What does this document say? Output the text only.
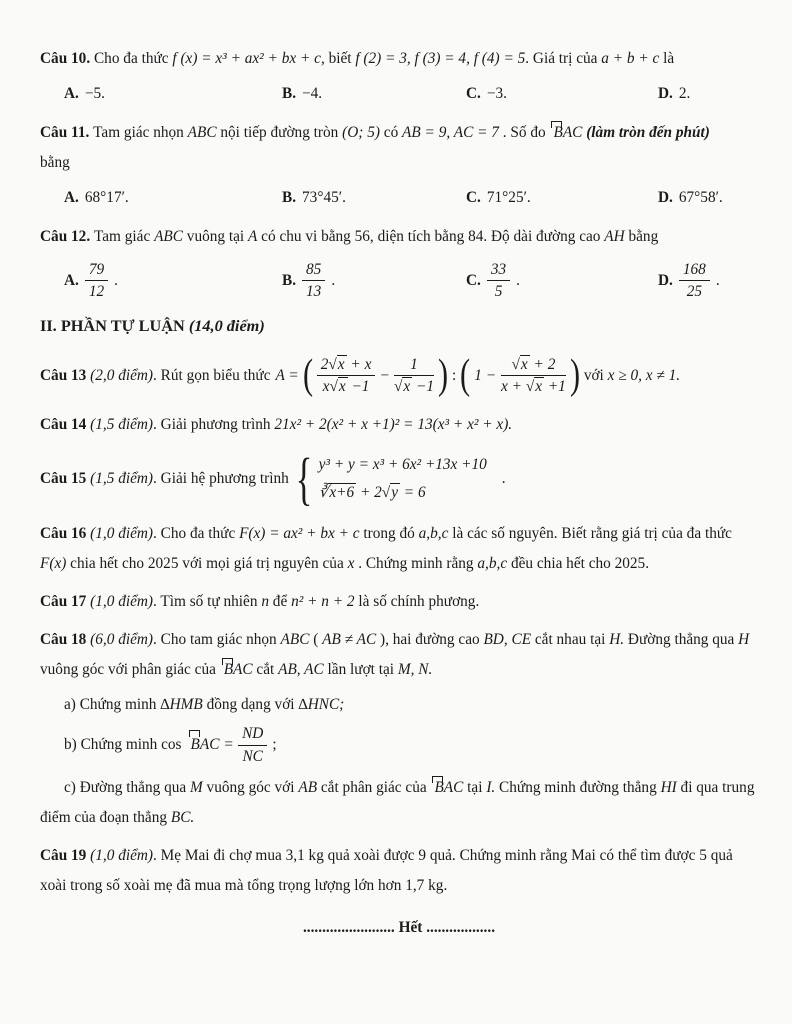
Câu 10. Cho đa thức f (x) = x³ + ax² + bx + c, biết f (2) = 3, f (3) = 4, f (4) = 5. Giá trị của a + b + c là

A. −5.	B. −4.	C. −3.	D. 2.

Câu 11. Tam giác nhọn ABC nội tiếp đường tròn (O; 5) có AB = 9, AC = 7 . Số đo BAC (làm tròn đến phút)

bằng

A. 68°17′.	B. 73°45′.	C. 71°25′.	D. 67°58′.

Câu 12. Tam giác ABC vuông tại A có chu vi bằng 56, diện tích bằng 84. Độ dài đường cao AH bằng

A. $\frac{79}{12}$ .	B. $\frac{85}{13}$ .	C. $\frac{33}{5}$ .	D. $\frac{168}{25}$ .
II. PHẦN TỰ LUẬN (14,0 điểm)
Câu 13 (2,0 điểm). Rút gọn biểu thức A = ( $\frac{2√x + x}{x√x -1} - \frac{1}{√x -1}$ ) : ( $1 - \frac{√x + 2}{x + √x +1}$ ) với x ≥ 0, x ≠ 1.

Câu 14 (1,5 điểm). Giải phương trình 21x² + 2(x² + x +1)² = 13(x³ + x² + x).

Câu 15 (1,5 điểm). Giải hệ phương trình { y³ + y = x³ + 6x² +13x +10
∛x+6 + 2√y = 6
.

Câu 16 (1,0 điểm). Cho đa thức F(x) = ax² + bx + c trong đó a,b,c là các số nguyên. Biết rằng giá trị của đa thức F(x) chia hết cho 2025 với mọi giá trị nguyên của x . Chứng minh rằng a,b,c đều chia hết cho 2025.

Câu 17 (1,0 điểm). Tìm số tự nhiên n để n² + n + 2 là số chính phương.

Câu 18 (6,0 điểm). Cho tam giác nhọn ABC ( AB ≠ AC ), hai đường cao BD, CE cắt nhau tại H. Đường thẳng qua H vuông góc với phân giác của BAC cắt AB, AC lần lượt tại M, N.

a) Chứng minh ∆HMB đồng dạng với ∆HNC;

b) Chứng minh cos BAC = $\frac{ND}{NC}$ ;

c) Đường thẳng qua M vuông góc với AB cắt phân giác của BAC tại I. Chứng minh đường thẳng HI đi qua trung điểm của đoạn thẳng BC.

Câu 19 (1,0 điểm). Mẹ Mai đi chợ mua 3,1 kg quả xoài được 9 quả. Chứng minh rằng Mai có thể tìm được 5 quả xoài trong số xoài mẹ đã mua mà tổng trọng lượng lớn hơn 1,7 kg.

........................ Hết ..................
